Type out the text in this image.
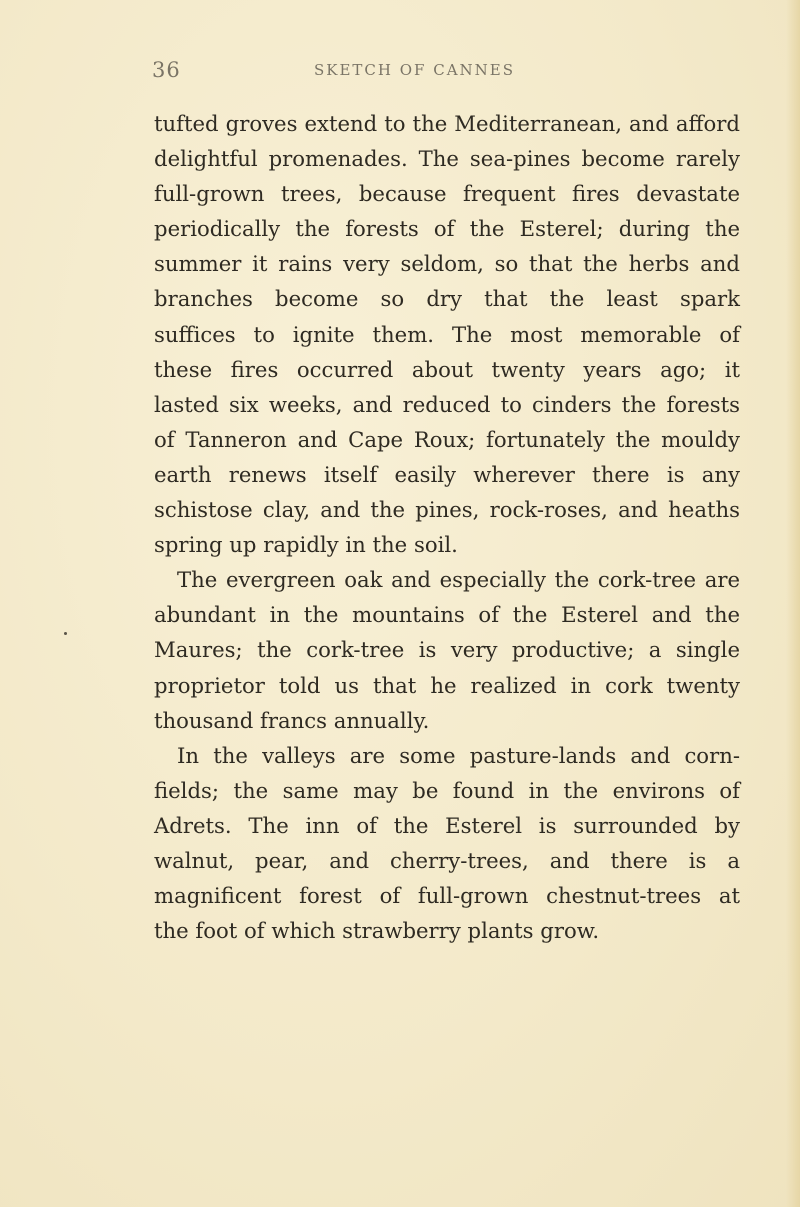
36	SKETCH OF CANNES

tufted groves extend to the Mediterranean, and afford

delightful promenades. The sea-pines become rarely

full-grown trees, because frequent fires devastate

periodically the forests of the Esterel; during the

summer it rains very seldom, so that the herbs and

branches become so dry that the least spark

suffices to ignite them. The most memorable of

these fires occurred about twenty years ago; it

lasted six weeks, and reduced to cinders the forests

of Tanneron and Cape Roux; fortunately the mouldy

earth renews itself easily wherever there is any

schistose clay, and the pines, rock-roses, and heaths

spring up rapidly in the soil.

The evergreen oak and especially the cork-tree are

abundant in the mountains of the Esterel and the

Maures; the cork-tree is very productive; a single

proprietor told us that he realized in cork twenty

thousand francs annually.

In the valleys are some pasture-lands and corn-

fields; the same may be found in the environs of

Adrets. The inn of the Esterel is surrounded by

walnut, pear, and cherry-trees, and there is a

magnificent forest of full-grown chestnut-trees at

the foot of which strawberry plants grow.
